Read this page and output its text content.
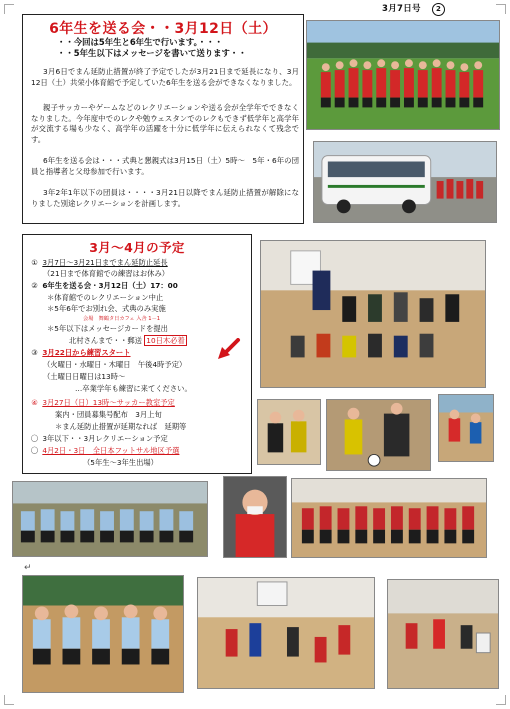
3月7日号 2
6年生を送る会・・3月12日（土）
・・今回は5年生と6年生で行います。・・・
・・5年生以下はメッセージを書いて送ります・・
3月6日でまん延防止措置が終了予定でしたが3月21日まで延長になり、3月12日（土）共栄小体育館で予定していた6年生を送る会ができなくなりました。
親子サッカーやゲームなどのレクリエーションや送る会が全学年でできなくなりました。今年度中でのレクや勉ウェスタンでのレクもできず低学年と高学年が交流する場も少なく、高学年の活躍を十分に低学年に伝えられなくて残念です。
6年生を送る会は・・・式典と懇親式は3月15日（土）5時～　5年・6年の団員と指導者と父母参加で行います。
3年2年1年以下の団員は・・・・3月21日以降でまん延防止措置が解除になりました別途レクリエーションを計画します。
3月～4月の予定
① 3月7日～3月21日までまん延防止延長
（21日まで体育館での練習はお休み）
② 6年生を送る会・3月12日（土）17：00
＊体育館でのレクリエーション中止
＊5年6年でお別れ会、式典のみ実施
会場　舞鶴タ日カフェ 入舎 1－1
＊5年以下はメッセージカードを提出
北村さんまで・・郵送 10日木必着
③ 3月22日から練習スタート
（火曜日・水曜日・木曜日　午後4時予定）
（土曜日日曜日は13時～
…卒業学年も練習に来てください。
④ 3月27日（日）13時～サッカー教室予定
案内・団員募集号配布　3月上旬
＊まん延防止措置が延期なれば　延期等
〇 3年以下・・3月レクリエーション予定
〇 4月2日・3日　全日本フットサル地区予選
（5年生～3年生出場）
↵
